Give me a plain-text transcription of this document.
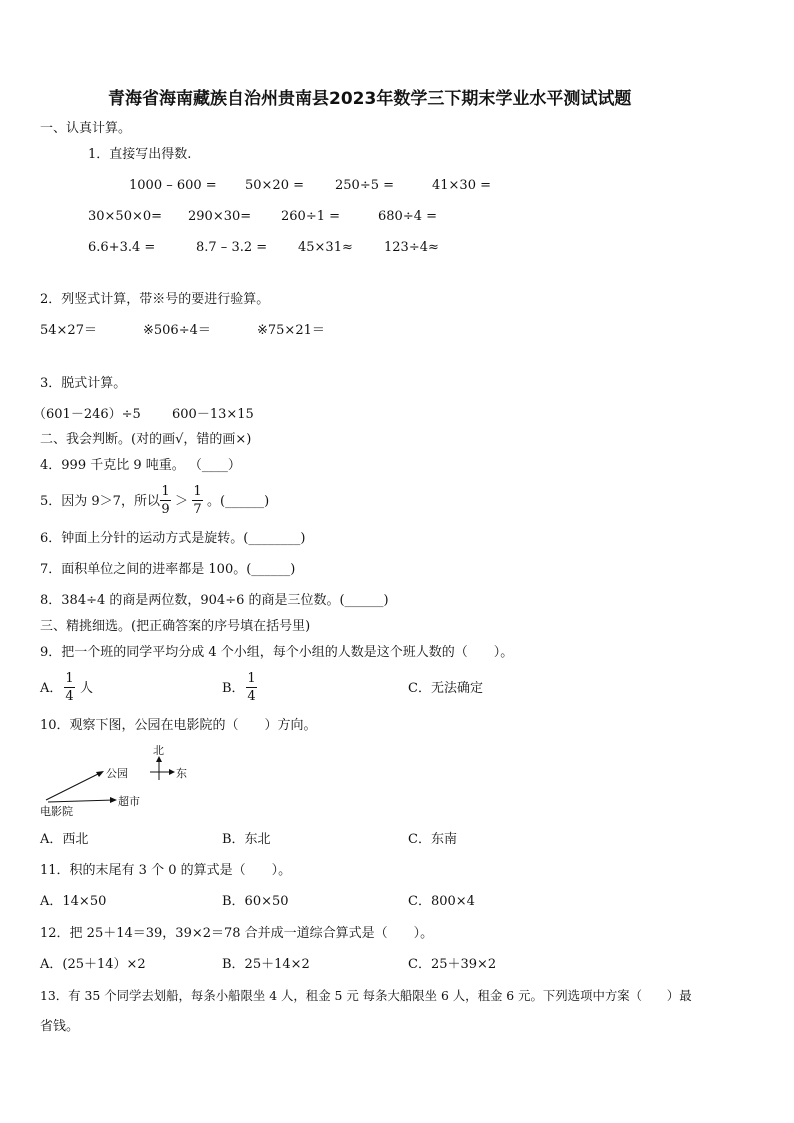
青海省海南藏族自治州贵南县2023年数学三下期末学业水平测试试题
一、认真计算。
1．直接写出得数.
1000 – 600 = 50×20 = 250÷5 =	41×30 =
30×50×0= 290×30= 260÷1 =	680÷4 =
6.6+3.4 =	8.7 – 3.2 = 45×31≈ 123÷4≈
2．列竖式计算，带※号的要进行验算。
54×27＝	※506÷4＝	※75×21＝
3．脱式计算。
（601－246）÷5 600－13×15
二、我会判断。(对的画√，错的画×)
4．999 千克比 9 吨重。 （____）
5．因为 9＞7，所以
1
9
＞
1
7
。(______)
6．钟面上分针的运动方式是旋转。(________)
7．面积单位之间的进率都是 100。(______)
8．384÷4 的商是两位数，904÷6 的商是三位数。(______)
三、精挑细选。(把正确答案的序号填在括号里)
9．把一个班的同学平均分成 4 个小组，每个小组的人数是这个班人数的（　　）。
A．
1
4
人	B．
1
4
C．无法确定
10．观察下图，公园在电影院的（　　）方向。
北
东
公园
超市
电影院
A．西北	B．东北	C．东南
11．积的末尾有 3 个 0 的算式是（　　）。
A．14×50	B．60×50	C．800×4
12．把 25＋14＝39，39×2＝78 合并成一道综合算式是（　　）。
A．(25＋14）×2	B．25＋14×2	C．25＋39×2
13．有 35 个同学去划船，每条小船限坐 4 人，租金 5 元 每条大船限坐 6 人，租金 6 元。下列选项中方案（　　）最
省钱。
